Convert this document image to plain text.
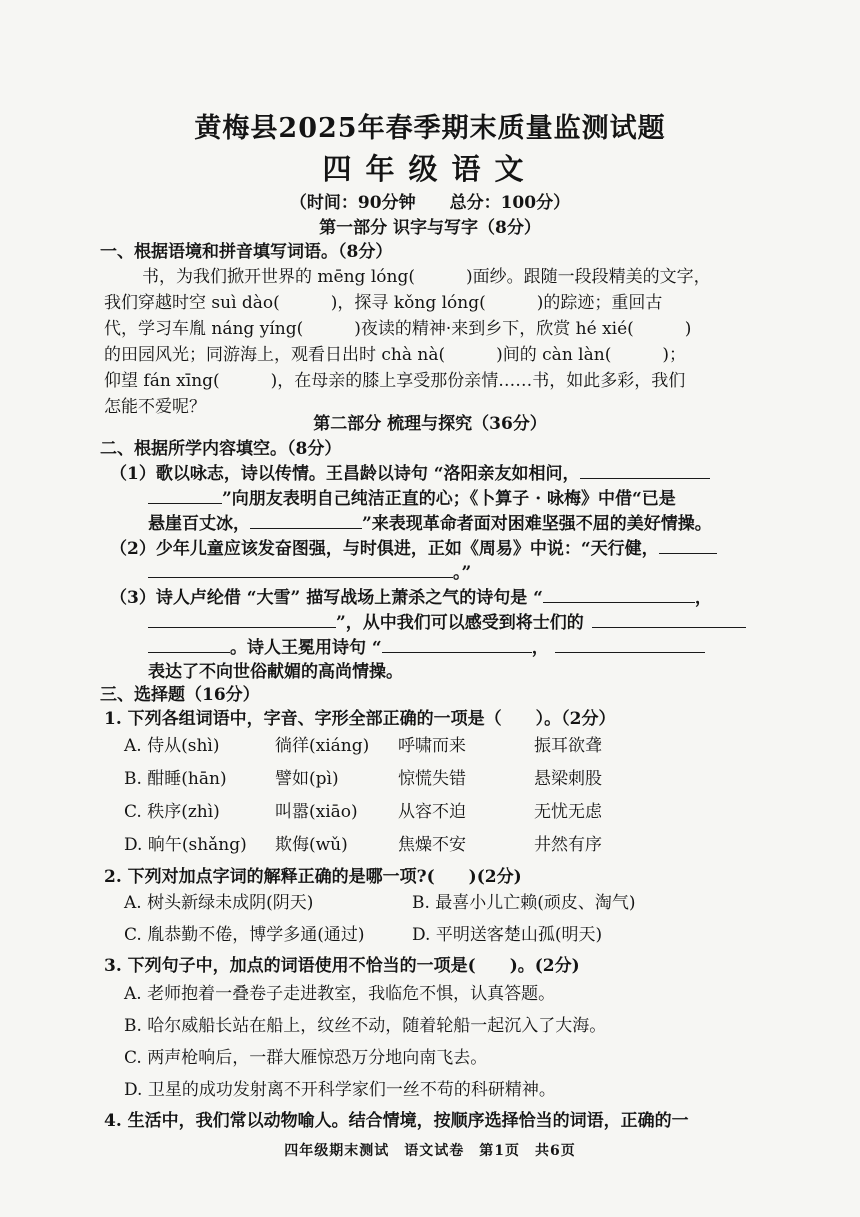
黄梅县2025年春季期末质量监测试题
四年级语文
（时间：90分钟　　总分：100分）
第一部分 识字与写字（8分）
一、根据语境和拼音填写词语。（8分）
书，为我们掀开世界的 mēng lóng(　　　)面纱。跟随一段段精美的文字，
我们穿越时空 suì dào(　　　)，探寻 kǒng lóng(　　　)的踪迹；重回古
代，学习车胤 náng yíng(　　　)夜读的精神·来到乡下，欣赏 hé xié(　　　)
的田园风光；同游海上，观看日出时 chà nà(　　　)间的 càn làn(　　　)；
仰望 fán xīng(　　　)，在母亲的膝上享受那份亲情……书，如此多彩，我们
怎能不爱呢？
第二部分 梳理与探究（36分）
二、根据所学内容填空。（8分）
（1）歌以咏志，诗以传情。王昌龄以诗句 “洛阳亲友如相问，
”向朋友表明自己纯洁正直的心；《卜算子 · 咏梅》中借“已是
悬崖百丈冰，	”来表现革命者面对困难坚强不屈的美好情操。
（2）少年儿童应该发奋图强，与时俱进，正如《周易》中说：“天行健，
。”
（3）诗人卢纶借 “大雪” 描写战场上萧杀之气的诗句是 “	，
”，从中我们可以感受到将士们的
。诗人王冕用诗句 “	，
表达了不向世俗献媚的高尚情操。
三、选择题（16分）
1. 下列各组词语中，字音、字形全部正确的一项是（　　）。（2分）
A. 侍从(shì)	徜徉(xiáng) 呼啸而来	振耳欲聋
B. 酣睡(hān)	譬如(pì)	惊慌失错	悬梁刺股
C. 秩序(zhì)	叫嚣(xiāo) 从容不迫	无忧无虑
D. 晌午(shǎng) 欺侮(wǔ)	焦燥不安	井然有序
2. 下列对加点字词的解释正确的是哪一项?(　　)(2分)
A. 树头新绿未成阴(阴天)	B. 最喜小儿亡赖(顽皮、淘气)
C. 胤恭勤不倦，博学多通(通过)	D. 平明送客楚山孤(明天)
3. 下列句子中，加点的词语使用不恰当的一项是(　　)。(2分)
A. 老师抱着一叠卷子走进教室，我临危不惧，认真答题。
B. 哈尔威船长站在船上，纹丝不动，随着轮船一起沉入了大海。
C. 两声枪响后，一群大雁惊恐万分地向南飞去。
D. 卫星的成功发射离不开科学家们一丝不苟的科研精神。
4. 生活中，我们常以动物喻人。结合情境，按顺序选择恰当的词语，正确的一
四年级期末测试　语文试卷　第1页　共6页
